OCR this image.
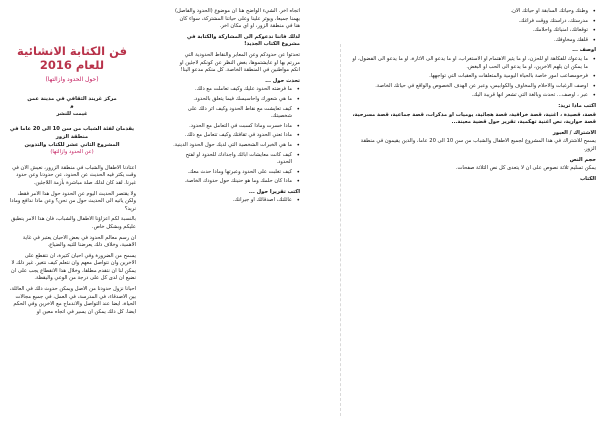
فن الكتابة الانشائية للعام 2016
(حول الحدود وازالتها)
مركز غريند الثقافي في مدينة عمن
و
غيمت للنشر
يقدمان لفئة الشباب من سن 10 الى 20 عاما في منطقة الزور
المشروع الثاني عشر للكتاب والتدوين
(عن الحدود وازالتها)
اعتادنا الاطفال والشباب في منطقة الزرور، نعيش الان في وقت يكثر فيه الحديث عن الحدود، عن حدودنا وعن حدود غيرنا. لقد كان لذلك صلة مباشرة بأزمة اللاجئين.
ولا يقتصر الحديث اليوم عن الحدود حول هذا الامر فقط، ولكن ياتيه الى الحديث حول من نحن؟ وعن ماذا ندافع وماذا نريد؟
بالنسبة لكم اعزاؤنا الاطفال والشباب، فان هذا الامر ينطبق عليكم وبشكل خاص.
ان رسم معالم الحدود في بعض الاحيان يعتبر في غاية الاهمية، وخلاف ذلك يعرضنا للتيه والضياع.
يسمح من الضرورة وفي احيان كثيرة، ان نتقطع على الاخرين وان نتواصل معهم وان نتعلم كيف نتغير. غير ذلك لا يمكن لنا ان نتقدم مطلقا، وخلال هذا الانقطاع يجب على ان نضيع ان لدى كل على درجة من الوعي واليقظة.
احيانا نزول حدودنا من الاصل ويمكن حدوث ذلك في العائلة، بين الاصدقاء، في المدرسة، في العمل، في جميع مجالات الحياة، ايضا عند التواصل والاندماج مع الاخرين وفي الحكم ايضا. كل ذلك يمكن ان يسير في اتجاه معين او
اتجاه اخر. الشيء الواضح هنا ان موضوع (الحدود والفاصل) يهمنا جميعا، ويوثر علينا وعلى حياتنا المشتركة، سواء كان هنا في منطقة الزور، او اي مكان اخر.
لذلك فاننا ندعوكم الى المشاركة والكتابة في مشروع الكتاب الجديد!
تحدثوا عن حدودكم وعن المعابر والنقاط الحدودية التي مررتم بها او عايشتموها، بغض النظر عن كونكم لاجئين او انكم مواطنين في المنطقة الخاصة. كل منكم مدعو الينا!
تحدث حول ...
• ما فرضته الحدود عليك وكيف تعاملت مع ذلك.
• ما هي شعورك واحاسيسك فيما يتعلق بالحدود.
• كيف تعايشت مع نقاط الحدود وكيف اثر ذلك على شخصيتك.
• ماذا خسرت وماذا كسبت في التعامل مع الحدود.
• ماذا تعني الحدود في ثقافتك وكيف تتعامل مع ذلك.
• ما هي الخبرات الشخصية التي لديك حول الحدود الدينية.
• كيف كانت معايشات ابائك واجدادك للحدود او لفتح الحدود.
• كيف تغلبت على الحدود وعبرتها وماذا حدث معك.
• ماذا كان حلمك وما هو حنينك حول حدودك الخاصة.
اكتب تقريرا حول ...
• عائلتك، اصدقائك او جيرانك.
• وطنك وحياتك السابقة او حياتك الان.
• مدرستك، دراستك ووقت فراغك.
• توقعاتك، امنياتك واحلامك.
• قلقك ومخاوفك.
اوصف ...
• ما يدعوك للفكاهة او للحزن، او ما يثير الاهتمام او الاستغراب، او ما يدعو الى الاثارة، او ما يدعو الى الفضول، او ما يمكن ان يلهم الاخرين، او ما يدعو الى الحب او البغض.
• فرحومصاعب امور خاصة بالحياة اليومية والمتعلقات والعقبات التي تواجهها.
• اوصف الرغبات والاحلام والمخاوف والكوابيس، وعبر عن الهدف الخصوص والواقع في حياتك الخاصة.
• عبر ، اوصف... تحدث وبالغة التي تشعر انها قريبة اليك.
اكتب ماذا تريد:
قصة، قصيدة ، اغنية، قصة خرافية، قصة هجائية، يوميات او مذكرات، قصة جماعية، قصة مسرحية، قصة حوارية، نص اغنية تهكمية، تقرير حول قضية معينة...
الاشتراك / العبور
يسمح للاشتراك في هذا المشروع لجميع الاطفال والشباب من سن 10 الى 20 عاما، والذين يقيمون في منطقة الزور.
حجم النص
يمكن تسليم ثلاثة نصوص على ان لا يتعدى كل نص الثلاثة صفحات.
الكتاب
